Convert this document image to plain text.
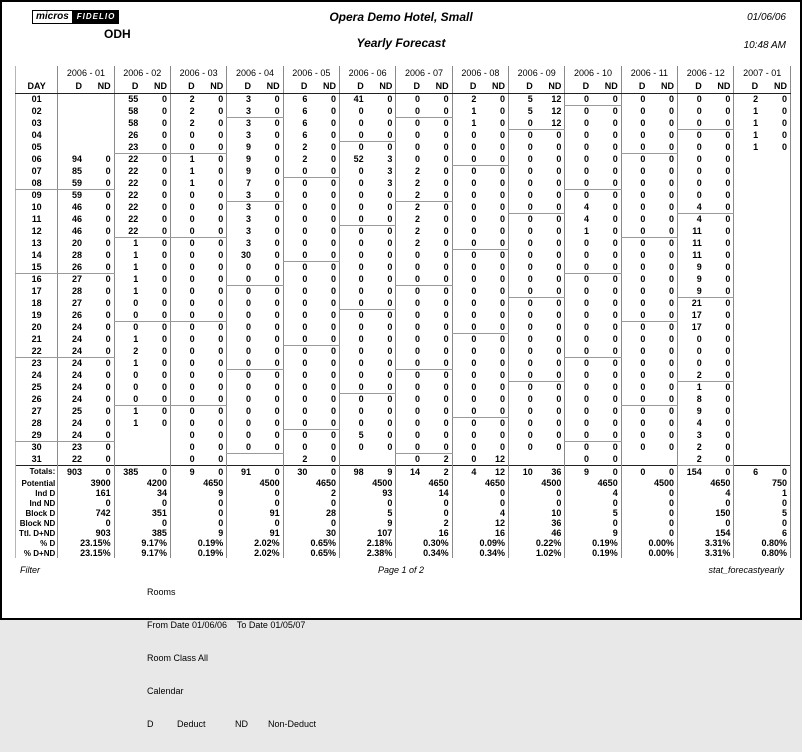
micros	FIDELIO
ODH
Opera Demo Hotel, Small
Yearly Forecast
01/06/06
10:48 AM
	2006 - 01		2006 - 02		2006 - 03		2006 - 04		2006 - 05		2006 - 06		2006 - 07		2006 - 08		2006 - 09		2006 - 10		2006 - 11		2006 - 12		2007 - 01	
DAY	D	ND	D	ND	D	ND	D	ND	D	ND	D	ND	D	ND	D	ND	D	ND	D	ND	D	ND	D	ND	D	ND
01			55	0	2	0	3	0	6	0	41	0	0	0	2	0	5	12	0	0	0	0	0	0	2	0
02			58	0	2	0	3	0	6	0	0	0	0	0	1	0	5	12	0	0	0	0	0	0	1	0
03			58	0	2	0	3	0	6	0	0	0	0	0	1	0	0	12	0	0	0	0	0	0	1	0
04			26	0	0	0	3	0	6	0	0	0	0	0	0	0	0	0	0	0	0	0	0	0	1	0
05			23	0	0	0	9	0	2	0	0	0	0	0	0	0	0	0	0	0	0	0	0	0	1	0
06	94	0	22	0	1	0	9	0	2	0	52	3	0	0	0	0	0	0	0	0	0	0	0	0		
07	85	0	22	0	1	0	9	0	0	0	0	3	2	0	0	0	0	0	0	0	0	0	0	0		
08	59	0	22	0	1	0	7	0	0	0	0	3	2	0	0	0	0	0	0	0	0	0	0	0		
09	59	0	22	0	0	0	3	0	0	0	0	0	2	0	0	0	0	0	0	0	0	0	0	0		
10	46	0	22	0	0	0	3	0	0	0	0	0	2	0	0	0	0	0	4	0	0	0	4	0		
11	46	0	22	0	0	0	3	0	0	0	0	0	2	0	0	0	0	0	4	0	0	0	4	0		
12	46	0	22	0	0	0	3	0	0	0	0	0	2	0	0	0	0	0	1	0	0	0	11	0		
13	20	0	1	0	0	0	3	0	0	0	0	0	2	0	0	0	0	0	0	0	0	0	11	0		
14	28	0	1	0	0	0	30	0	0	0	0	0	0	0	0	0	0	0	0	0	0	0	11	0		
15	26	0	1	0	0	0	0	0	0	0	0	0	0	0	0	0	0	0	0	0	0	0	9	0		
16	27	0	1	0	0	0	0	0	0	0	0	0	0	0	0	0	0	0	0	0	0	0	9	0		
17	28	0	1	0	0	0	0	0	0	0	0	0	0	0	0	0	0	0	0	0	0	0	9	0		
18	27	0	0	0	0	0	0	0	0	0	0	0	0	0	0	0	0	0	0	0	0	0	21	0		
19	26	0	0	0	0	0	0	0	0	0	0	0	0	0	0	0	0	0	0	0	0	0	17	0		
20	24	0	0	0	0	0	0	0	0	0	0	0	0	0	0	0	0	0	0	0	0	0	17	0		
21	24	0	1	0	0	0	0	0	0	0	0	0	0	0	0	0	0	0	0	0	0	0	0	0		
22	24	0	2	0	0	0	0	0	0	0	0	0	0	0	0	0	0	0	0	0	0	0	0	0		
23	24	0	1	0	0	0	0	0	0	0	0	0	0	0	0	0	0	0	0	0	0	0	0	0		
24	24	0	0	0	0	0	0	0	0	0	0	0	0	0	0	0	0	0	0	0	0	0	2	0		
25	24	0	0	0	0	0	0	0	0	0	0	0	0	0	0	0	0	0	0	0	0	0	1	0		
26	24	0	0	0	0	0	0	0	0	0	0	0	0	0	0	0	0	0	0	0	0	0	8	0		
27	25	0	1	0	0	0	0	0	0	0	0	0	0	0	0	0	0	0	0	0	0	0	9	0		
28	24	0	1	0	0	0	0	0	0	0	0	0	0	0	0	0	0	0	0	0	0	0	4	0		
29	24	0			0	0	0	0	0	0	5	0	0	0	0	0	0	0	0	0	0	0	3	0		
30	23	0			0	0	0	0	0	0	0	0	0	0	0	0	0	0	0	0	0	0	2	0		
31	22	0			0	0			2	0			0	2	0	12			0	0			2	0		
Totals:	903	0	385	0	9	0	91	0	30	0	98	9	14	2	4	12	10	36	9	0	0	0	154	0	6	0
Potential	3900		4200		4650		4500		4650		4500		4650		4650		4500		4650		4500		4650		750	
Ind D	161		34		9		0		2		93		14		0		0		4		0		4		1	
Ind ND	0		0		0		0		0		0		0		0		0		0		0		0		0	
Block D	742		351		0		91		28		5		0		4		10		5		0		150		5	
Block ND	0		0		0		0		0		9		2		12		36		0		0		0		0	
Ttl. D+ND	903		385		9		91		30		107		16		16		46		9		0		154		6	
% D	23.15%		9.17%		0.19%		2.02%		0.65%		2.18%		0.30%		0.09%		0.22%		0.19%		0.00%		3.31%		0.80%	
% D+ND	23.15%		9.17%		0.19%		2.02%		0.65%		2.38%		0.34%		0.34%		1.02%		0.19%		0.00%		3.31%		0.80%	
Filter

Rooms

From Date 01/06/06    To Date 01/05/07

Room Class All

Calendar

D	Deduct	ND Non-Deduct

Page 1 of 2	stat_forecastyearly
